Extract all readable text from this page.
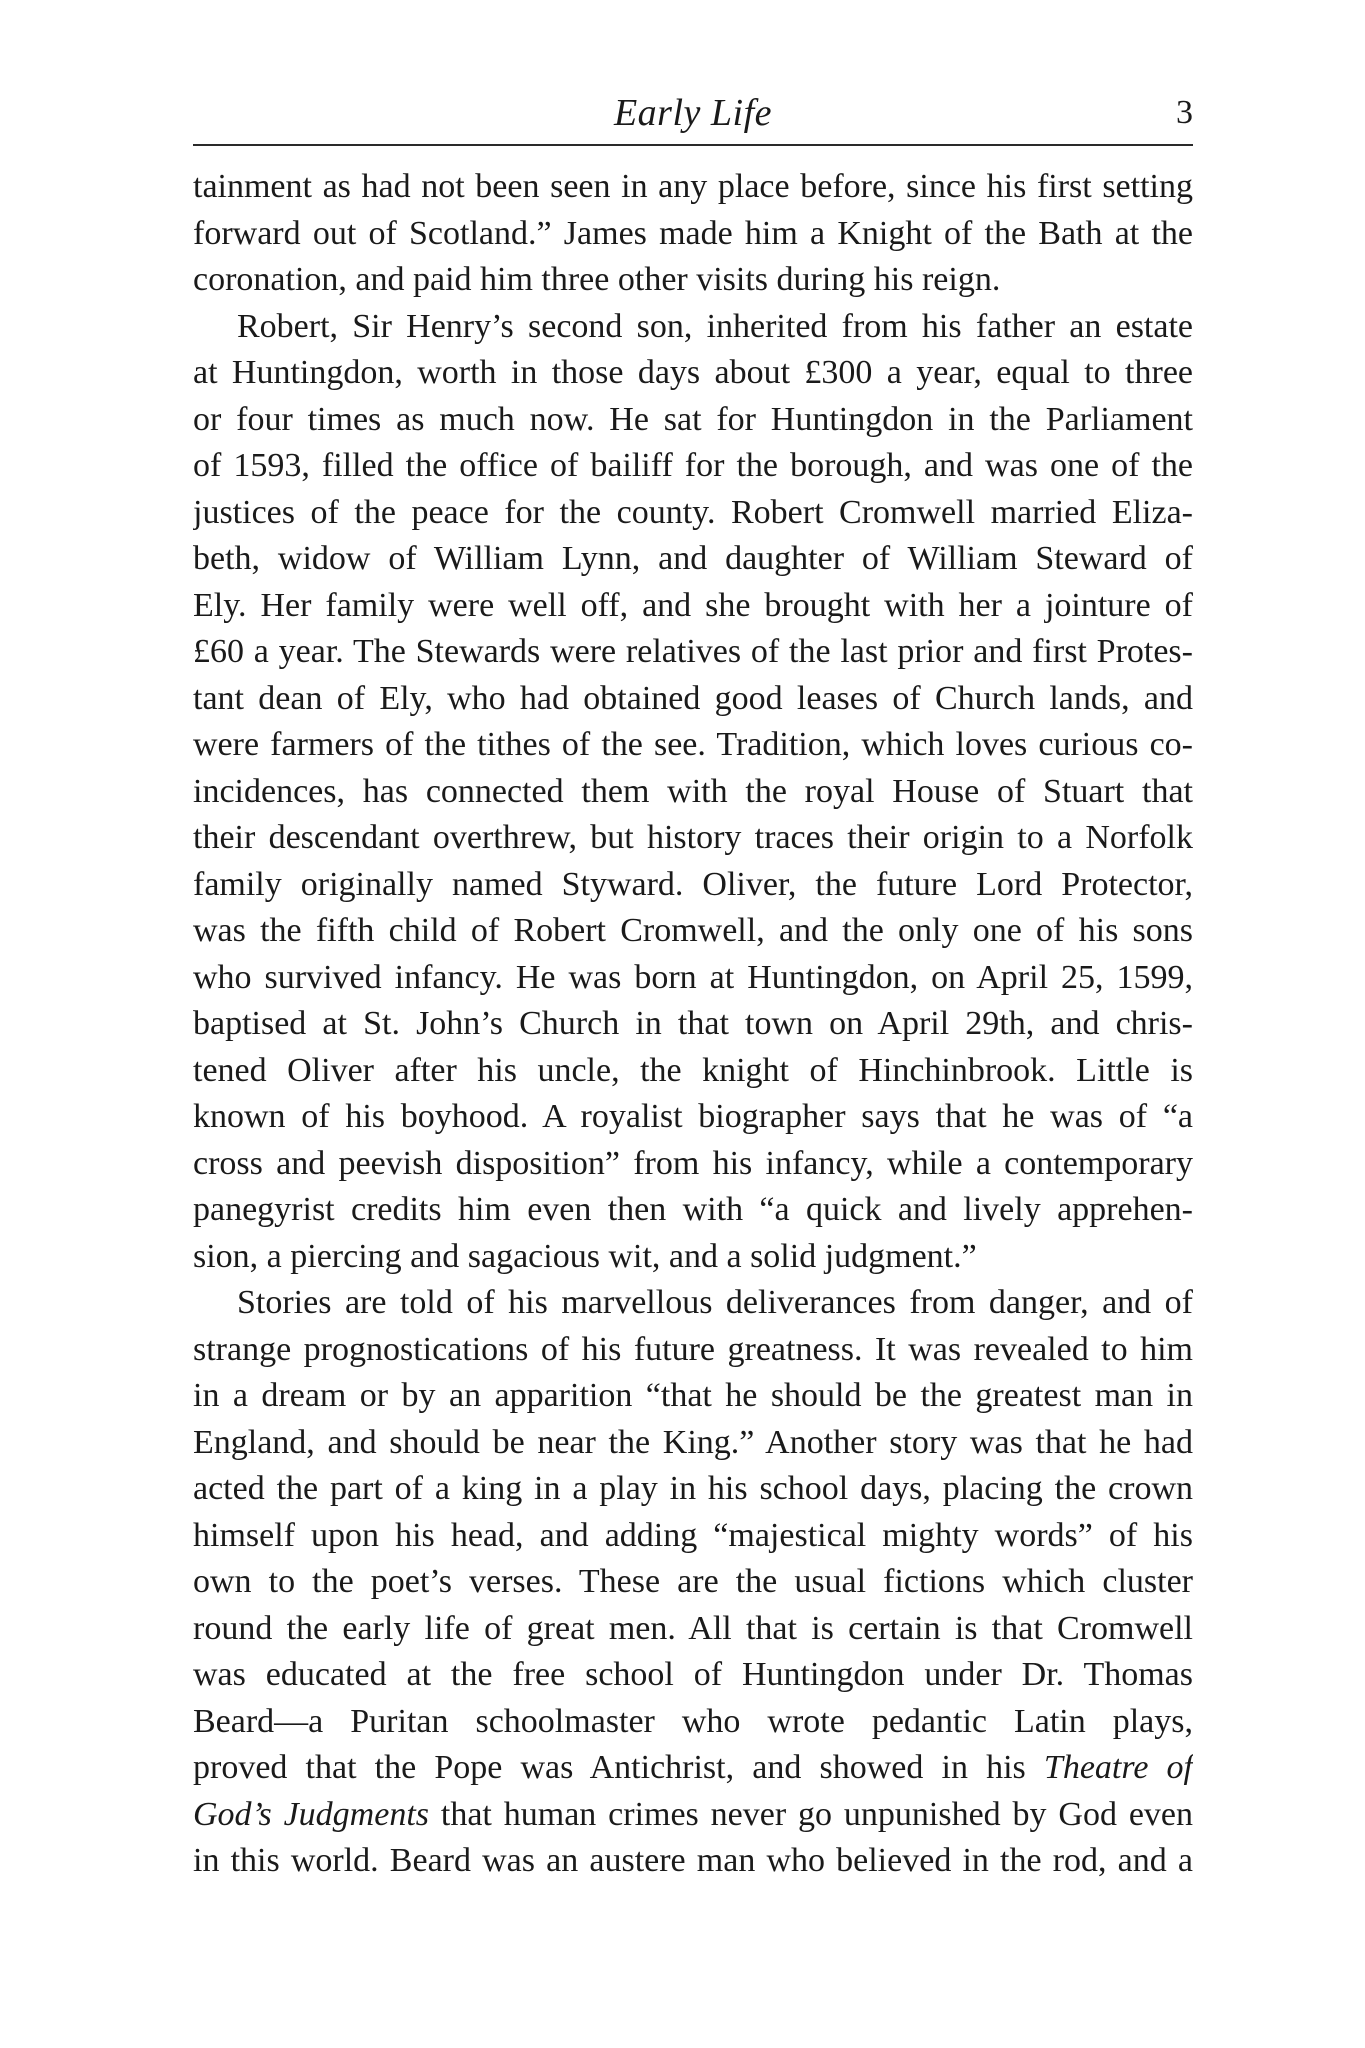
Early Life	3
tainment as had not been seen in any place before, since his first setting
forward out of Scotland.” James made him a Knight of the Bath at the
coronation, and paid him three other visits during his reign.
Robert, Sir Henry’s second son, inherited from his father an estate
at Huntingdon, worth in those days about £300 a year, equal to three
or four times as much now. He sat for Huntingdon in the Parliament
of 1593, filled the office of bailiff for the borough, and was one of the
justices of the peace for the county. Robert Cromwell married Eliza-
beth, widow of William Lynn, and daughter of William Steward of
Ely. Her family were well off, and she brought with her a jointure of
£60 a year. The Stewards were relatives of the last prior and first Protes-
tant dean of Ely, who had obtained good leases of Church lands, and
were farmers of the tithes of the see. Tradition, which loves curious co-
incidences, has connected them with the royal House of Stuart that
their descendant overthrew, but history traces their origin to a Norfolk
family originally named Styward. Oliver, the future Lord Protector,
was the fifth child of Robert Cromwell, and the only one of his sons
who survived infancy. He was born at Huntingdon, on April 25, 1599,
baptised at St. John’s Church in that town on April 29th, and chris-
tened Oliver after his uncle, the knight of Hinchinbrook. Little is
known of his boyhood. A royalist biographer says that he was of “a
cross and peevish disposition” from his infancy, while a contemporary
panegyrist credits him even then with “a quick and lively apprehen-
sion, a piercing and sagacious wit, and a solid judgment.”
Stories are told of his marvellous deliverances from danger, and of
strange prognostications of his future greatness. It was revealed to him
in a dream or by an apparition “that he should be the greatest man in
England, and should be near the King.” Another story was that he had
acted the part of a king in a play in his school days, placing the crown
himself upon his head, and adding “majestical mighty words” of his
own to the poet’s verses. These are the usual fictions which cluster
round the early life of great men. All that is certain is that Cromwell
was educated at the free school of Huntingdon under Dr. Thomas
Beard—a Puritan schoolmaster who wrote pedantic Latin plays,
proved that the Pope was Antichrist, and showed in his Theatre of
God’s Judgments that human crimes never go unpunished by God even
in this world. Beard was an austere man who believed in the rod, and a
